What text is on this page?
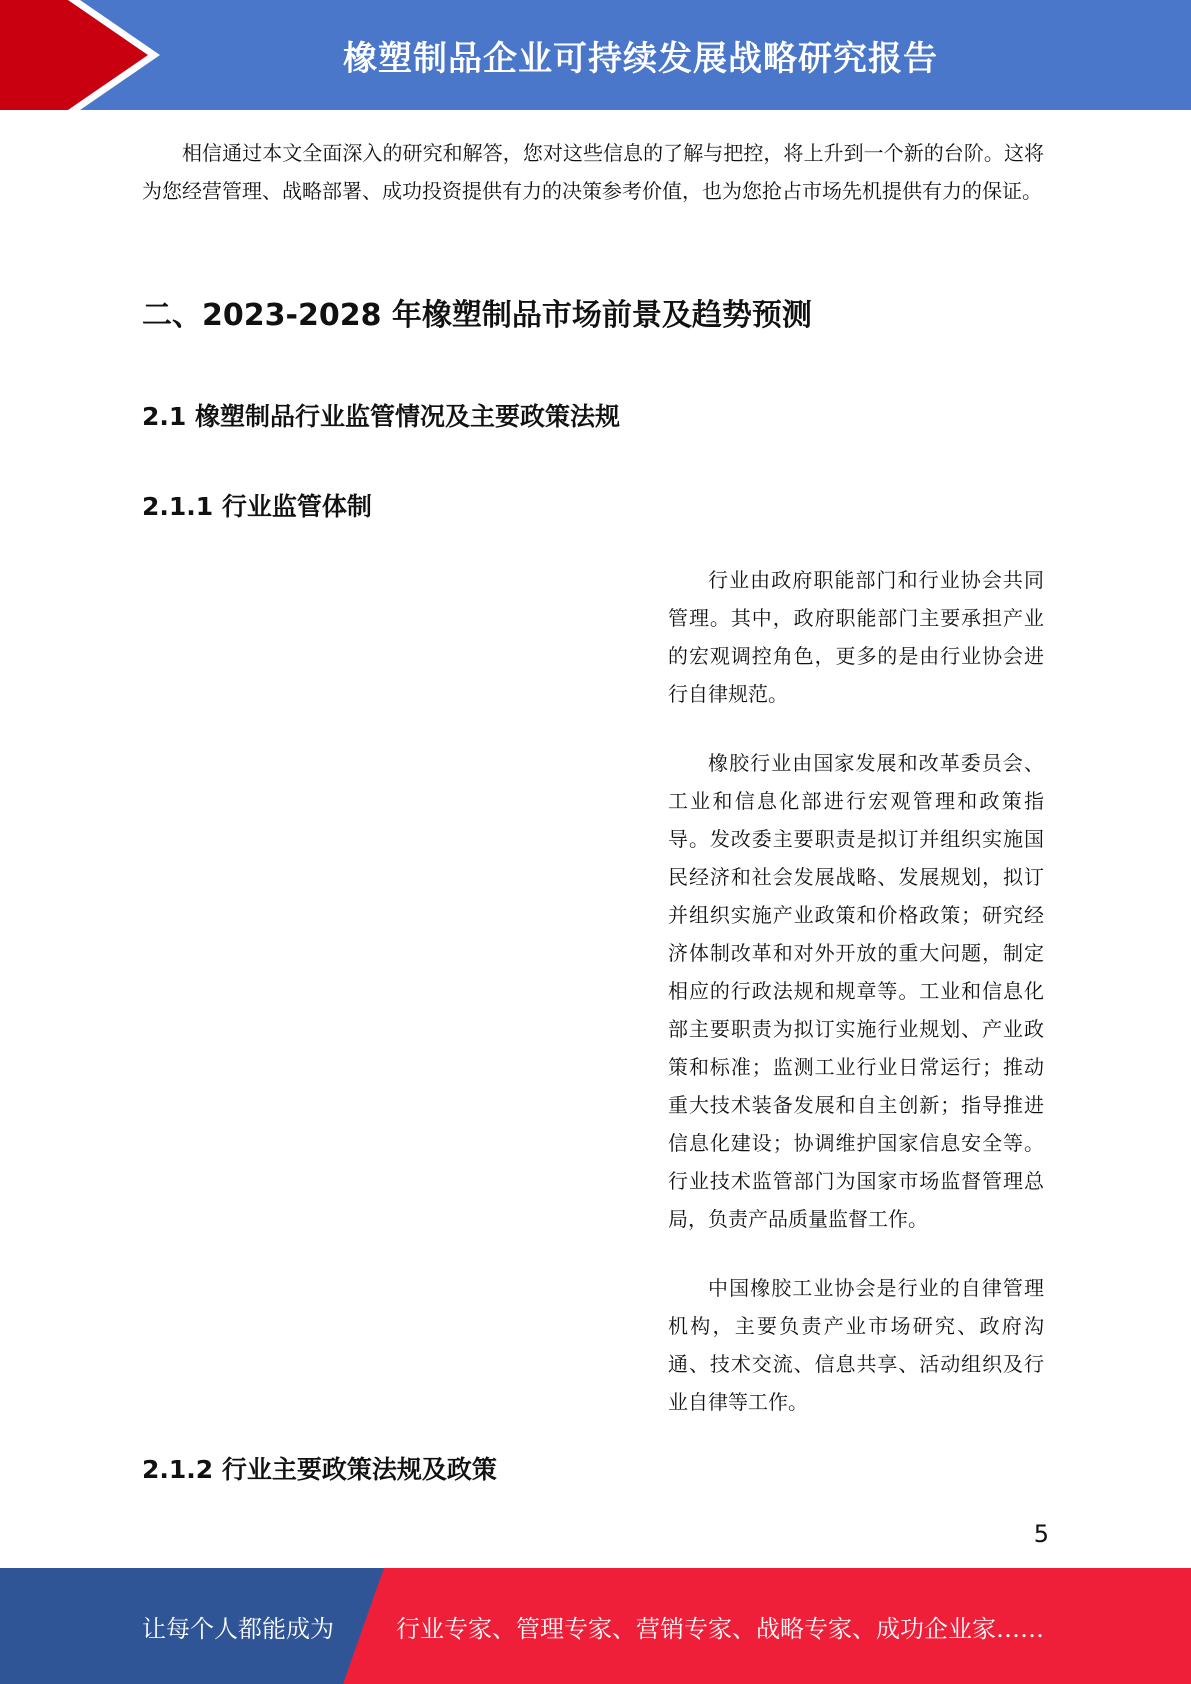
橡塑制品企业可持续发展战略研究报告

相信通过本文全面深入的研究和解答，您对这些信息的了解与把控，将上升到一个新的台阶。这将为您经营管理、战略部署、成功投资提供有力的决策参考价值，也为您抢占市场先机提供有力的保证。

二、2023-2028 年橡塑制品市场前景及趋势预测
2.1 橡塑制品行业监管情况及主要政策法规
2.1.1 行业监管体制

行业由政府职能部门和行业协会共同管理。其中，政府职能部门主要承担产业的宏观调控角色，更多的是由行业协会进行自律规范。

橡胶行业由国家发展和改革委员会、工业和信息化部进行宏观管理和政策指导。发改委主要职责是拟订并组织实施国民经济和社会发展战略、发展规划，拟订并组织实施产业政策和价格政策；研究经济体制改革和对外开放的重大问题，制定相应的行政法规和规章等。工业和信息化部主要职责为拟订实施行业规划、产业政策和标准；监测工业行业日常运行；推动重大技术装备发展和自主创新；指导推进信息化建设；协调维护国家信息安全等。行业技术监管部门为国家市场监督管理总局，负责产品质量监督工作。

中国橡胶工业协会是行业的自律管理机构，主要负责产业市场研究、政府沟通、技术交流、信息共享、活动组织及行业自律等工作。

2.1.2 行业主要政策法规及政策
5
让每个人都能成为	行业专家、管理专家、营销专家、战略专家、成功企业家……
